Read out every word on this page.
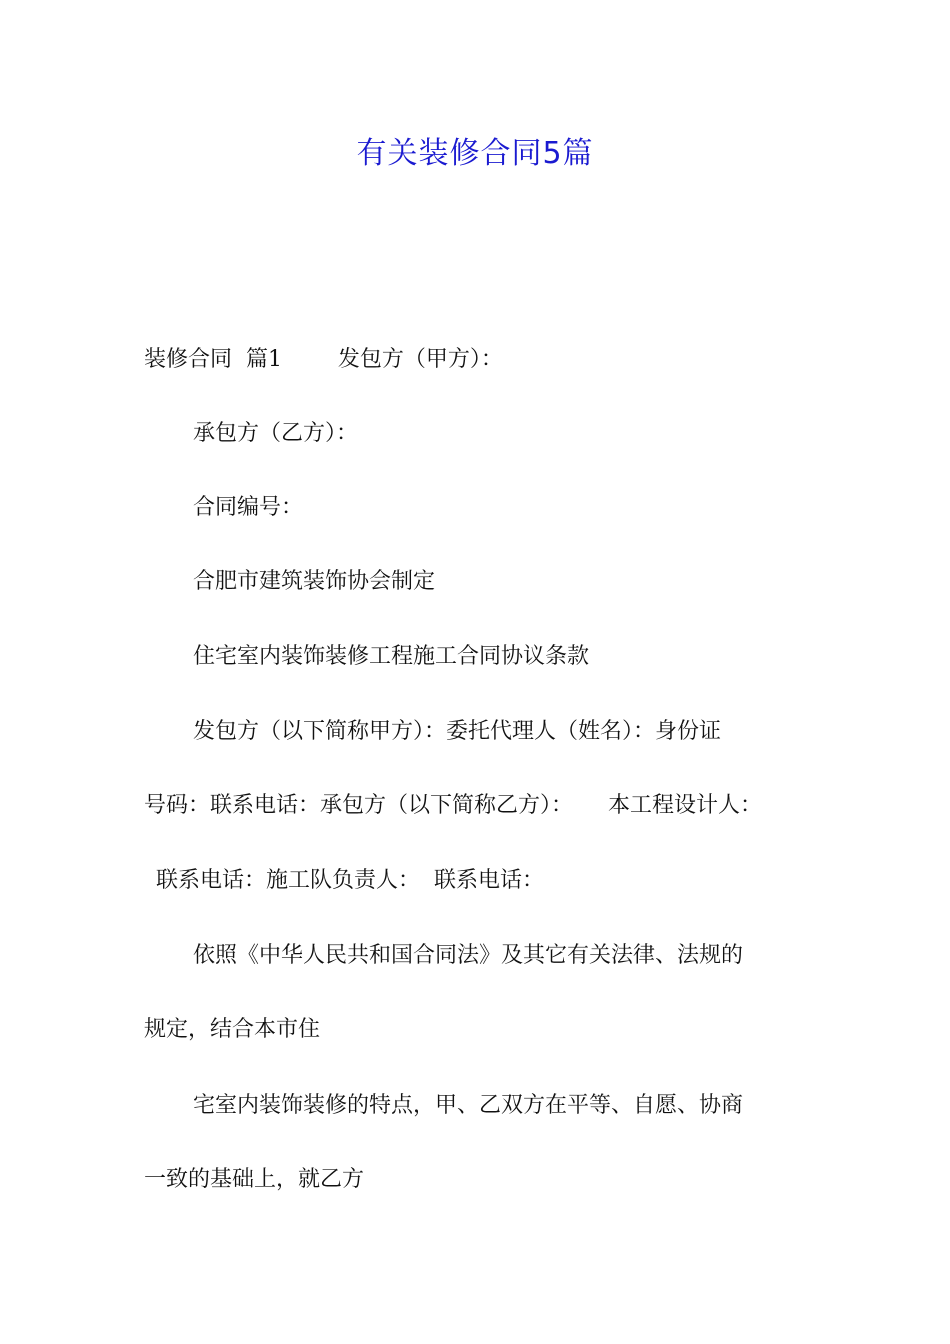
有关装修合同5篇
装修合同  篇1        发包方（甲方）：
承包方（乙方）：
合同编号：
合肥市建筑装饰协会制定
住宅室内装饰装修工程施工合同协议条款
发包方（以下简称甲方）：委托代理人（姓名）：身份证
号码：联系电话：承包方（以下简称乙方）：     本工程设计人：
联系电话：施工队负责人：  联系电话：
依照《中华人民共和国合同法》及其它有关法律、法规的
规定，结合本市住
宅室内装饰装修的特点，甲、乙双方在平等、自愿、协商
一致的基础上，就乙方
